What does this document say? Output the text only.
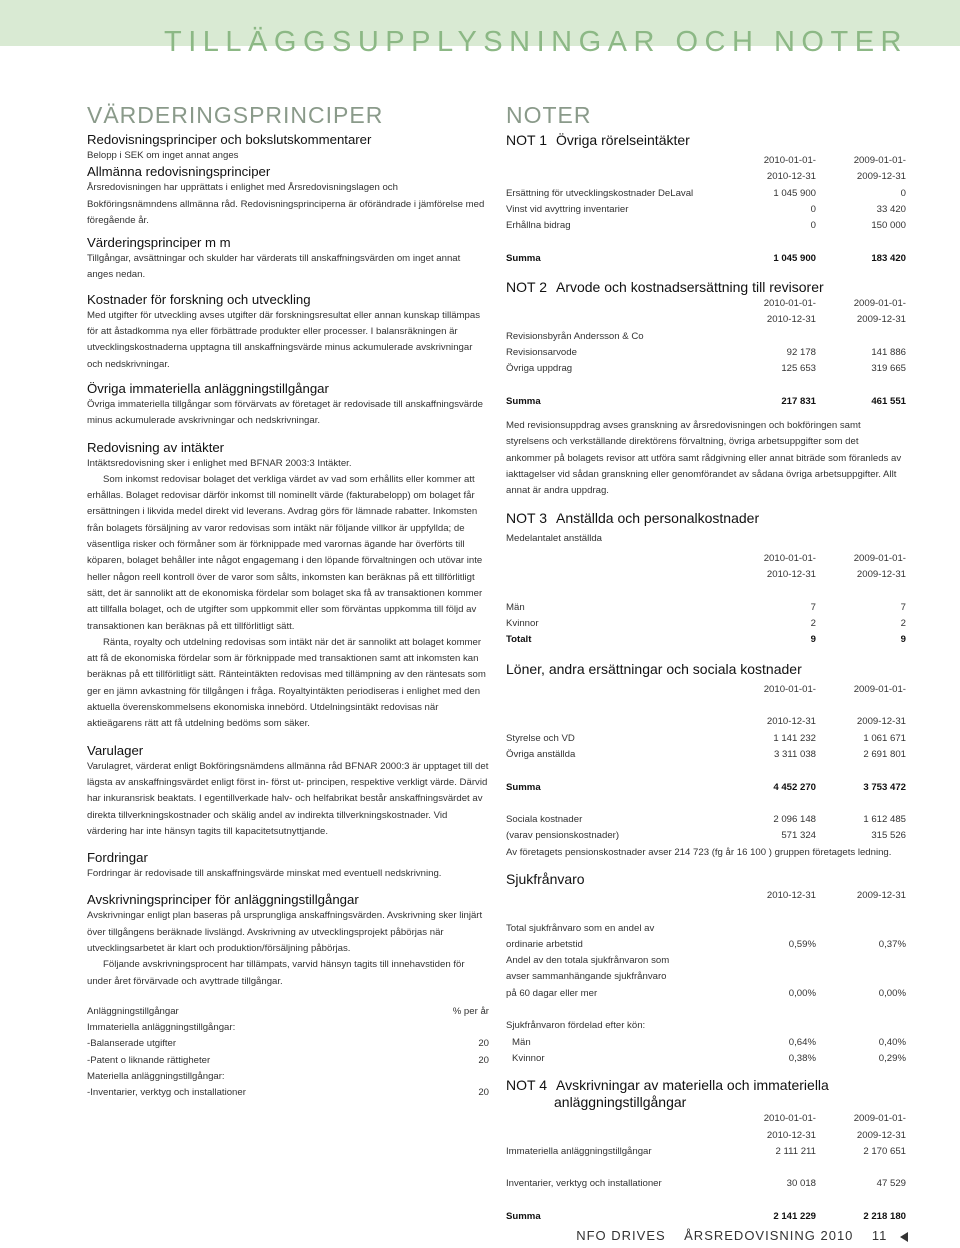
TILLÄGGSUPPLYSNINGAR OCH NOTER
VÄRDERINGSPRINCIPER

Redovisningsprinciper och bokslutskommentarer

Belopp i SEK om inget annat anges

Allmänna redovisningsprinciper

Årsredovisningen har upprättats i enlighet med Årsredovisningslagen och Bokföringsnämndens allmänna råd. Redovisningsprinciperna är oförändrade i jämförelse med föregående år.

Värderingsprinciper m m

Tillgångar, avsättningar och skulder har värderats till anskaffningsvärden om inget annat anges nedan.

Kostnader för forskning och utveckling

Med utgifter för utveckling avses utgifter där forskningsresultat eller annan kunskap tillämpas för att åstadkomma nya eller förbättrade produkter eller processer. I balansräkningen är utvecklingskostnaderna upptagna till anskaffningsvärde minus ackumulerade avskrivningar och nedskrivningar.

Övriga immateriella anläggningstillgångar

Övriga immateriella tillgångar som förvärvats av företaget är redovisade till anskaffningsvärde minus ackumulerade avskrivningar och nedskrivningar.

Redovisning av intäkter

Intäktsredovisning sker i enlighet med BFNAR 2003:3 Intäkter.

Som inkomst redovisar bolaget det verkliga värdet av vad som erhållits eller kommer att erhållas. Bolaget redovisar därför inkomst till nominellt värde (fakturabelopp) om bolaget får ersättningen i likvida medel direkt vid leverans. Avdrag görs för lämnade rabatter. Inkomsten från bolagets försäljning av varor redovisas som intäkt när följande villkor är uppfyllda; de väsentliga risker och förmåner som är förknippade med varornas ägande har överförts till köparen, bolaget behåller inte något engagemang i den löpande förvaltningen och utövar inte heller någon reell kontroll över de varor som sålts, inkomsten kan beräknas på ett tillförlitligt sätt, det är sannolikt att de ekonomiska fördelar som bolaget ska få av transaktionen kommer att tillfalla bolaget, och de utgifter som uppkommit eller som förväntas uppkomma till följd av transaktionen kan beräknas på ett tillförlitligt sätt.

Ränta, royalty och utdelning redovisas som intäkt när det är sannolikt att bolaget kommer att få de ekonomiska fördelar som är förknippade med transaktionen samt att inkomsten kan beräknas på ett tillförlitligt sätt. Ränteintäkten redovisas med tillämpning av den räntesats som ger en jämn avkastning för tillgången i fråga. Royaltyintäkten periodiseras i enlighet med den aktuella överenskommelsens ekonomiska innebörd. Utdelningsintäkt redovisas när aktieägarens rätt att få utdelning bedöms som säker.

Varulager

Varulagret, värderat enligt Bokföringsnämdens allmänna råd BFNAR 2000:3 är upptaget till det lägsta av anskaffningsvärdet enligt först in- först ut- principen, respektive verkligt värde. Därvid har inkuransrisk beaktats. I egentillverkade halv- och helfabrikat består anskaffningsvärdet av direkta tillverkningskostnader och skälig andel av indirekta tillverkningskostnader. Vid värdering har inte hänsyn tagits till kapacitetsutnyttjande.

Fordringar

Fordringar är redovisade till anskaffningsvärde minskat med eventuell nedskrivning.

Avskrivningsprinciper för anläggningstillgångar

Avskrivningar enligt plan baseras på ursprungliga anskaffningsvärden. Avskrivning sker linjärt över tillgångens beräknade livslängd. Avskrivning av utvecklingsprojekt påbörjas när utvecklingsarbetet är klart och produktion/försäljning påbörjas.

Följande avskrivningsprocent har tillämpats, varvid hänsyn tagits till innehavstiden för under året förvärvade och avyttrade tillgångar.

Anläggningstillgångar	% per år
Immateriella anläggningstillgångar:
-Balanserade utgifter	20
-Patent o liknande rättigheter	20
Materiella anläggningstillgångar:
-Inventarier, verktyg och installationer	20
NOTER

NOT 1 Övriga rörelseintäkter

	2010-01-01-	2009-01-01-
	2010-12-31	2009-12-31
Ersättning för utvecklingskostnader DeLaval	1 045 900	0
Vinst vid avyttring inventarier	0	33 420
Erhållna bidrag	0	150 000

Summa	1 045 900	183 420

NOT 2 Arvode och kostnadsersättning till revisorer

	2010-01-01-	2009-01-01-
	2010-12-31	2009-12-31
Revisionsbyrån Andersson & Co		
Revisionsarvode	92 178	141 886
Övriga uppdrag	125 653	319 665

Summa	217 831	461 551

Med revisionsuppdrag avses granskning av årsredovisningen och bokföringen samt styrelsens och verkställande direktörens förvaltning, övriga arbetsuppgifter som det ankommer på bolagets revisor att utföra samt rådgivning eller annat biträde som föranleds av iakttagelser vid sådan granskning eller genomförandet av sådana övriga arbetsuppgifter. Allt annat är andra uppdrag.

NOT 3 Anställda och personalkostnader

Medelantalet anställda

	2010-01-01-	2009-01-01-
	2010-12-31	2009-12-31

Män	7	7
Kvinnor	2	2
Totalt	9	9

Löner, andra ersättningar och sociala kostnader

	2010-01-01-	2009-01-01-

	2010-12-31	2009-12-31
Styrelse och VD	1 141 232	1 061 671
Övriga anställda	3 311 038	2 691 801

Summa	4 452 270	3 753 472

Sociala kostnader	2 096 148	1 612 485
(varav pensionskostnader)	571 324	315 526

Av företagets pensionskostnader avser 214 723 (fg år 16 100 ) gruppen företagets ledning.

Sjukfrånvaro

	2010-12-31	2009-12-31

Total sjukfrånvaro som en andel av		
ordinarie arbetstid	0,59%	0,37%
Andel av den totala sjukfrånvaron som		
avser sammanhängande sjukfrånvaro		
på 60 dagar eller mer	0,00%	0,00%

Sjukfrånvaron fördelad efter kön:		
Män	0,64%	0,40%
Kvinnor	0,38%	0,29%

NOT 4 Avskrivningar av materiella och immateriella

anläggningstillgångar

	2010-01-01-	2009-01-01-
	2010-12-31	2009-12-31
Immateriella anläggningstillgångar	2 111 211	2 170 651

Inventarier, verktyg och installationer	30 018	47 529

Summa	2 141 229	2 218 180
NFO DRIVES ÅRSREDOVISNING 2010 11
